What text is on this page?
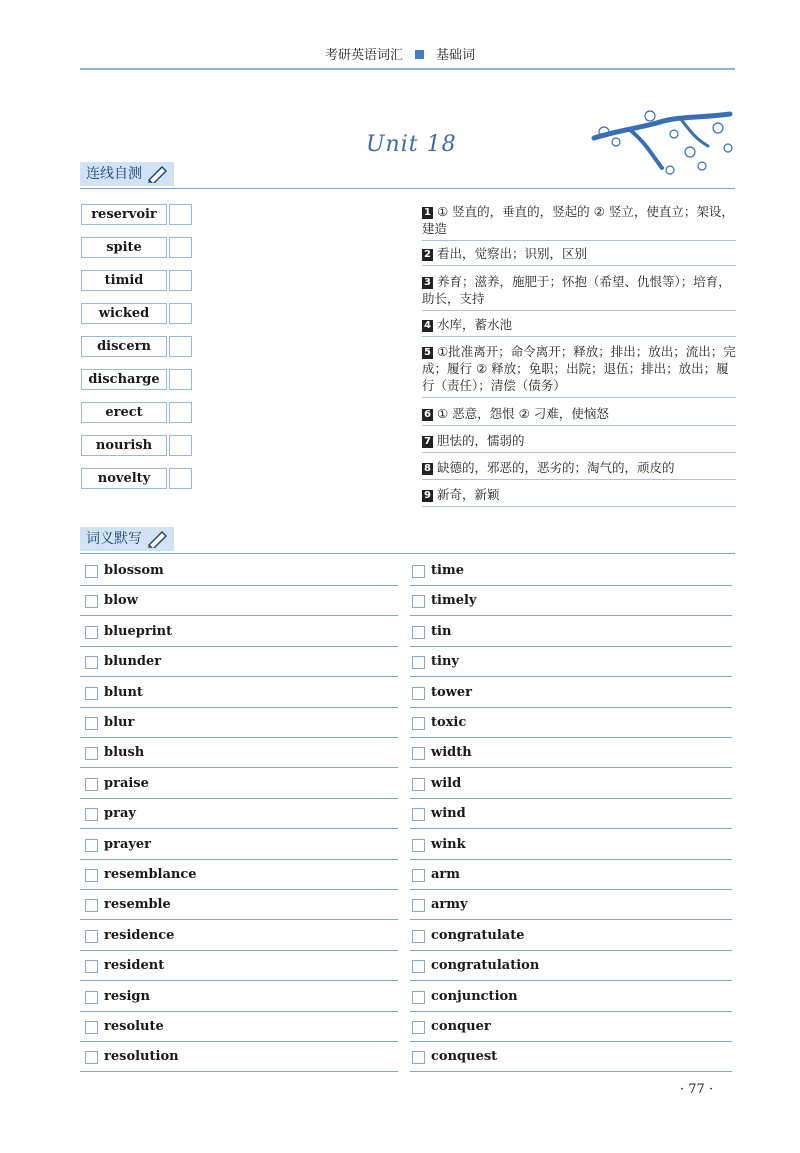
考研英语词汇	基础词
Unit 18
连线自测
reservoir
spite
timid
wicked
discern
discharge
erect
nourish
novelty
1 ① 竖直的，垂直的，竖起的 ② 竖立，使直立；架设，建造
2 看出，觉察出；识别，区别
3 养育；滋养，施肥于；怀抱（希望、仇恨等）；培育，助长，支持
4 水库，蓄水池
5 ①批准离开；命令离开；释放；排出；放出；流出；完成；履行 ② 释放；免职；出院；退伍；排出；放出；履行（责任）；清偿（债务）
6 ① 恶意，怨恨 ② 刁难，使恼怒
7 胆怯的，懦弱的
8 缺德的，邪恶的，恶劣的；淘气的，顽皮的
9 新奇，新颖
词义默写
blossom	time
blow	timely
blueprint	tin
blunder	tiny
blunt	tower
blur	toxic
blush	width
praise	wild
pray	wind
prayer	wink
resemblance	arm
resemble	army
residence	congratulate
resident	congratulation
resign	conjunction
resolute	conquer
resolution	conquest
· 77 ·
